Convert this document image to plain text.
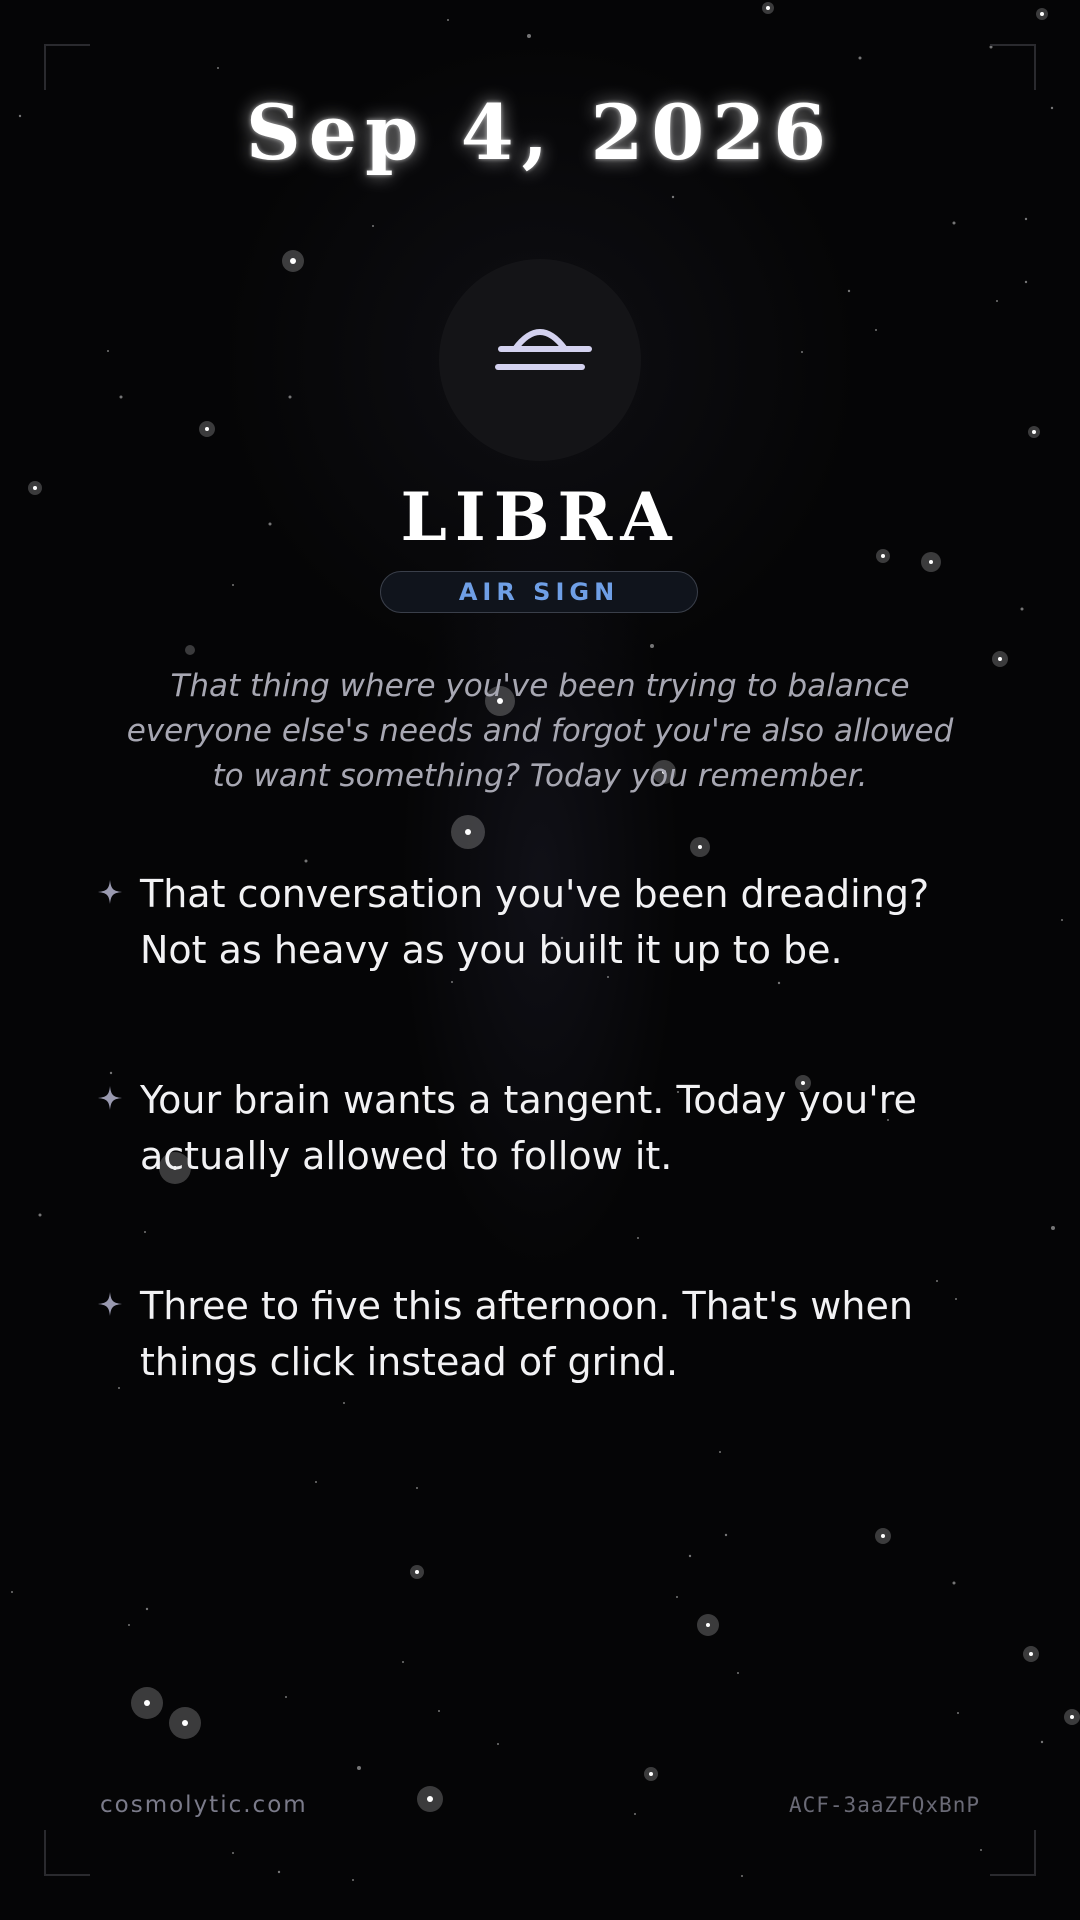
Sep 4, 2026
LIBRA
AIR SIGN
That thing where you've been trying to balance everyone else's needs and forgot you're also allowed to want something? Today you remember.
That conversation you've been dreading? Not as heavy as you built it up to be.
Your brain wants a tangent. Today you're actually allowed to follow it.
Three to five this afternoon. That's when things click instead of grind.
cosmolytic.com	ACF-3aaZFQxBnP
